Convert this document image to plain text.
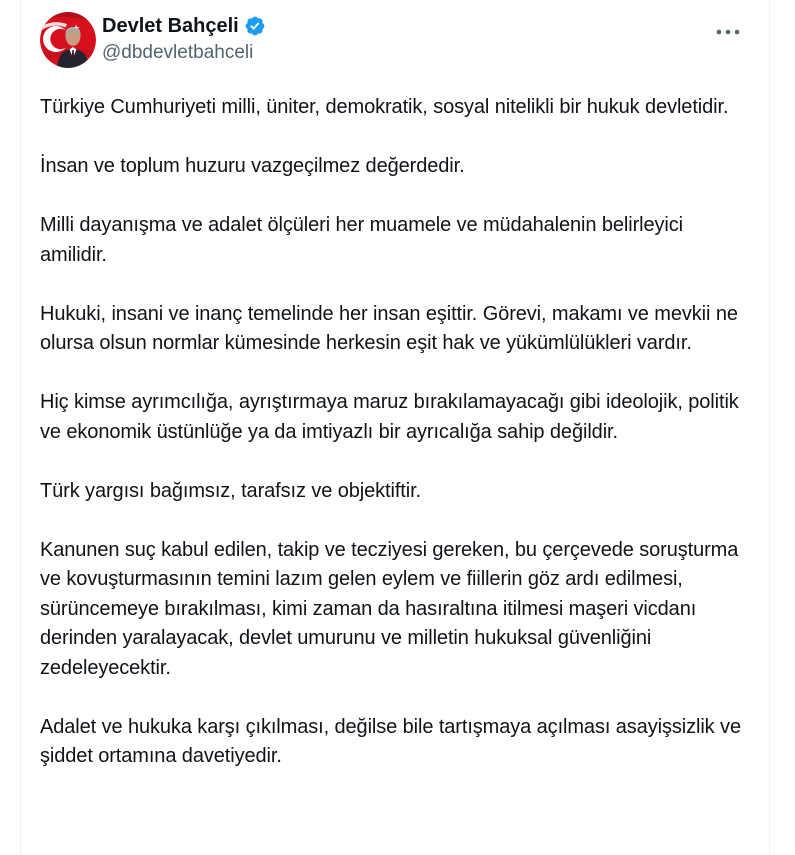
Devlet Bahçeli
@dbdevletbahceli

Türkiye Cumhuriyeti milli, üniter, demokratik, sosyal nitelikli bir hukuk devletidir.

İnsan ve toplum huzuru vazgeçilmez değerdedir.

Milli dayanışma ve adalet ölçüleri her muamele ve müdahalenin belirleyici amilidir.

Hukuki, insani ve inanç temelinde her insan eşittir. Görevi, makamı ve mevkii ne olursa olsun normlar kümesinde herkesin eşit hak ve yükümlülükleri vardır.

Hiç kimse ayrımcılığa, ayrıştırmaya maruz bırakılamayacağı gibi ideolojik, politik ve ekonomik üstünlüğe ya da imtiyazlı bir ayrıcalığa sahip değildir.

Türk yargısı bağımsız, tarafsız ve objektiftir.

Kanunen suç kabul edilen, takip ve tecziyesi gereken, bu çerçevede soruşturma ve kovuşturmasının temini lazım gelen eylem ve fiillerin göz ardı edilmesi, sürüncemeye bırakılması, kimi zaman da hasıraltına itilmesi maşeri vicdanı derinden yaralayacak, devlet umurunu ve milletin hukuksal güvenliğini zedeleyecektir.

Adalet ve hukuka karşı çıkılması, değilse bile tartışmaya açılması asayişsizlik ve şiddet ortamına davetiyedir.
